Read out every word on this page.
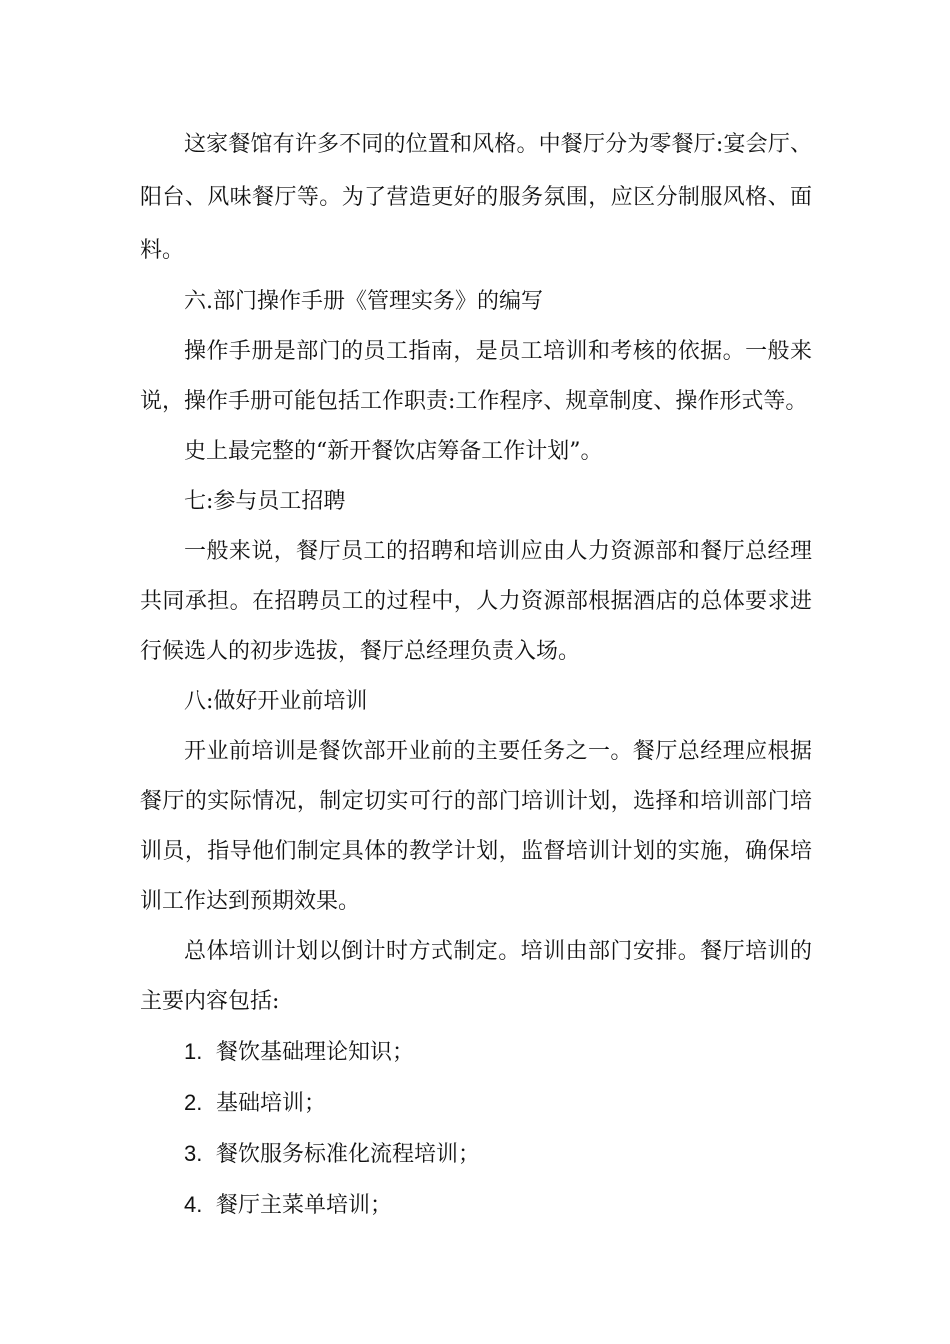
这家餐馆有许多不同的位置和风格。中餐厅分为零餐厅:宴会厅、阳台、风味餐厅等。为了营造更好的服务氛围，应区分制服风格、面料。

六.部门操作手册《管理实务》的编写

操作手册是部门的员工指南，是员工培训和考核的依据。一般来说，操作手册可能包括工作职责:工作程序、规章制度、操作形式等。

史上最完整的“新开餐饮店筹备工作计划”。

七:参与员工招聘

一般来说，餐厅员工的招聘和培训应由人力资源部和餐厅总经理共同承担。在招聘员工的过程中，人力资源部根据酒店的总体要求进行候选人的初步选拔，餐厅总经理负责入场。

八:做好开业前培训

开业前培训是餐饮部开业前的主要任务之一。餐厅总经理应根据餐厅的实际情况，制定切实可行的部门培训计划，选择和培训部门培训员，指导他们制定具体的教学计划，监督培训计划的实施，确保培训工作达到预期效果。

总体培训计划以倒计时方式制定。培训由部门安排。餐厅培训的主要内容包括:

1. 餐饮基础理论知识；
2. 基础培训；
3. 餐饮服务标准化流程培训；
4. 餐厅主菜单培训；
